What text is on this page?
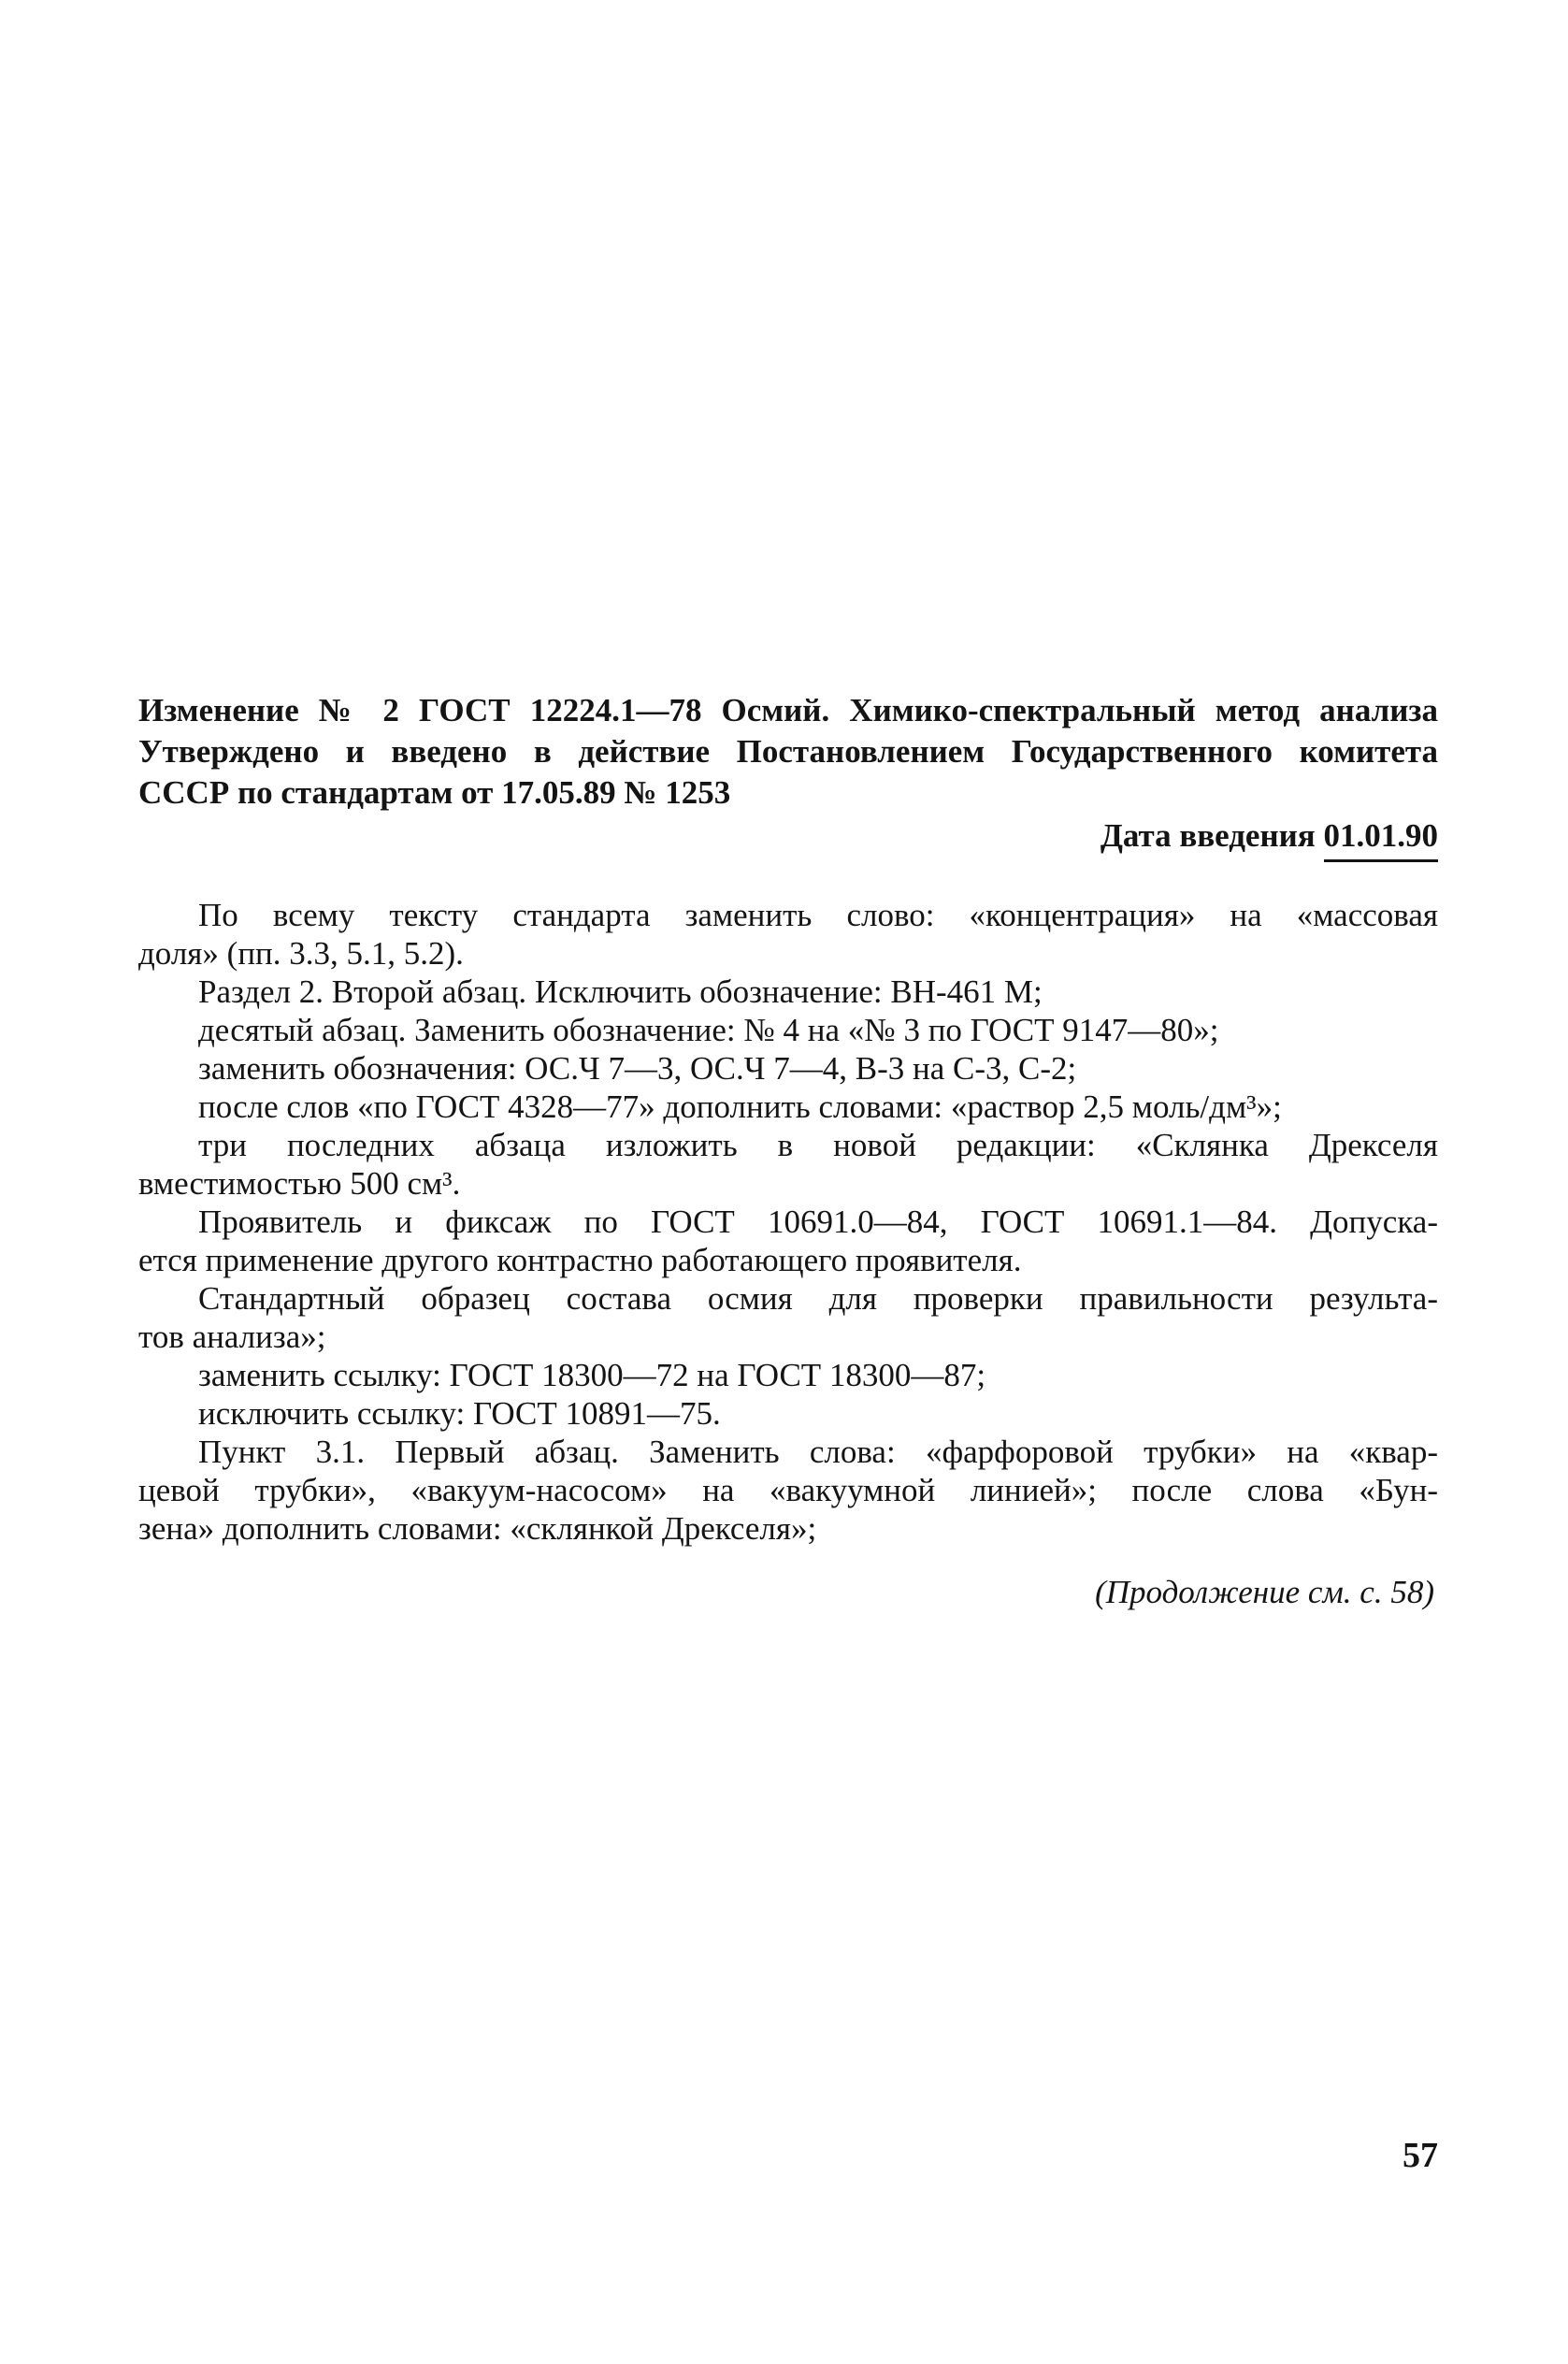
Изменение № 2 ГОСТ 12224.1—78 Осмий. Химико-спектральный метод анализа
Утверждено и введено в действие Постановлением Государственного комитета
СССР по стандартам от 17.05.89 № 1253
Дата введения 01.01.90
По всему тексту стандарта заменить слово: «концентрация» на «массовая
доля» (пп. 3.3, 5.1, 5.2).
Раздел 2. Второй абзац. Исключить обозначение: ВН-461 М;
десятый абзац. Заменить обозначение: № 4 на «№ 3 по ГОСТ 9147—80»;
заменить обозначения: ОС.Ч 7—3, ОС.Ч 7—4, В-3 на С-3, С-2;
после слов «по ГОСТ 4328—77» дополнить словами: «раствор 2,5 моль/дм³»;
три последних абзаца изложить в новой редакции: «Склянка Дрекселя
вместимостью 500 см³.
Проявитель и фиксаж по ГОСТ 10691.0—84, ГОСТ 10691.1—84. Допуска-
ется применение другого контрастно работающего проявителя.
Стандартный образец состава осмия для проверки правильности результа-
тов анализа»;
заменить ссылку: ГОСТ 18300—72 на ГОСТ 18300—87;
исключить ссылку: ГОСТ 10891—75.
Пункт 3.1. Первый абзац. Заменить слова: «фарфоровой трубки» на «квар-
цевой трубки», «вакуум-насосом» на «вакуумной линией»; после слова «Бун-
зена» дополнить словами: «склянкой Дрекселя»;
(Продолжение см. с. 58)
57
